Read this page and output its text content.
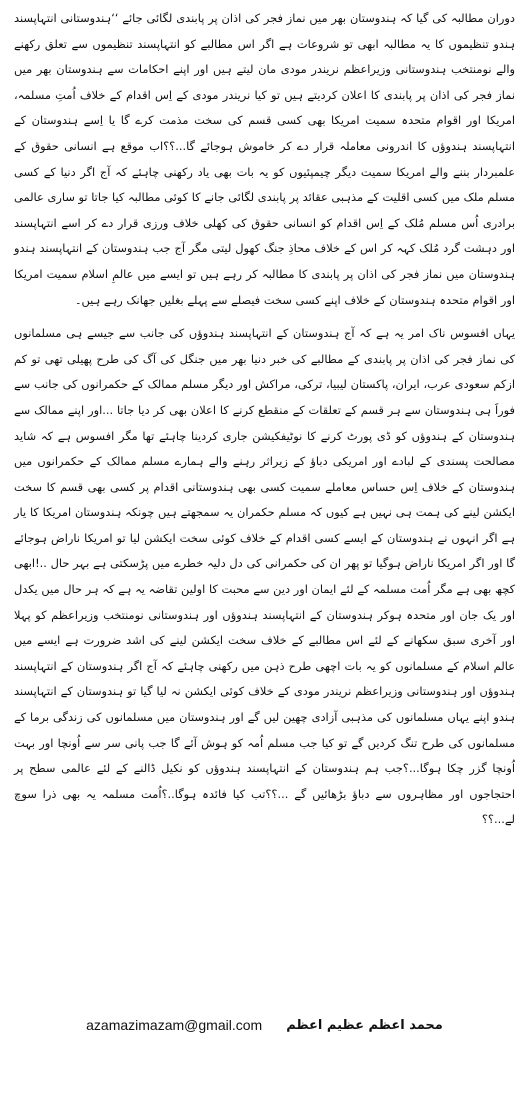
دوران مطالبہ کی گیا کہ ہندوستان بھر میں نماز فجر کی اذان پر پابندی لگائی جائے ‘‘ہندوستانی انتہاپسند ہندو تنظیموں کا یہ مطالبہ ابھی تو شروعات ہے اگر اس مطالبے کو انتہاپسند تنظیموں سے تعلق رکھنے والے نومنتخب ہندوستانی وزیراعظم نریندر مودی مان لیتے ہیں اور اپنے احکامات سے ہندوستان بھر میں نماز فجر کی اذان پر پابندی کا اعلان کردیتے ہیں تو کیا نریندر مودی کے اِس اقدام کے خلاف اُمتِ مسلمہ، امریکا اور اقوام متحدہ سمیت امریکا بھی کسی قسم کی سخت مذمت کرے گا یا اِسے ہندوستان کے انتہاپسند ہندوؤں کا اندرونی معاملہ قرار دے کر خاموش ہوجائے گا...؟؟اب موقع ہے انسانی حقوق کے علمبردار بننے والے امریکا سمیت دیگر چیمپئیوں کو یہ بات بھی یاد رکھنی چاہئے کہ آج اگر دنیا کے کسی مسلم ملک میں کسی اقلیت کے مذہبی عقائد پر پابندی لگائی جانے کا کوئی مطالبہ کیا جاتا تو ساری عالمی برادری اُس مسلم مُلک کے اِس اقدام کو انسانی حقوق کی کھلی خلاف ورزی قرار دے کر اسے انتہاپسند اور دہشت گرد مُلک کہہ کر اس کے خلاف محاذِ جنگ کھول لیتی مگر آج جب ہندوستان کے انتہاپسند ہندو ہندوستان میں نماز فجر کی اذان پر پابندی کا مطالبہ کر رہے ہیں تو ایسے میں عالمِ اسلام سمیت امریکا اور اقوام متحدہ ہندوستان کے خلاف اپنے کسی سخت فیصلے سے پہلے بغلیں جھانک رہے ہیں۔

یہاں افسوس ناک امر یہ ہے کہ آج ہندوستان کے انتہاپسند ہندوؤں کی جانب سے جیسے ہی مسلمانوں کی نماز فجر کی اذان پر پابندی کے مطالبے کی خبر دنیا بھر میں جنگل کی آگ کی طرح پھیلی تھی تو کم ازکم سعودی عرب، ایران، پاکستان لیبیا، ترکی، مراکش اور دیگر مسلم ممالک کے حکمرانوں کی جانب سے فوراََ ہی ہندوستان سے ہر قسم کے تعلقات کے منقطع کرنے کا اعلان بھی کر دیا جاتا ...اور اپنے ممالک سے ہندوستان کے ہندوؤں کو ڈی پورٹ کرنے کا نوٹیفکیشن جاری کردینا چاہئے تھا مگر افسوس ہے کہ شاید مصالحت پسندی کے لبادے اور امریکی دباؤ کے زیراثر رہنے والے ہمارے مسلم ممالک کے حکمرانوں میں ہندوستان کے خلاف اِس حساس معاملے سمیت کسی بھی ہندوستانی اقدام پر کسی بھی قسم کا سخت ایکشن لینے کی ہمت ہی نہیں ہے کیوں کہ مسلم حکمران یہ سمجھتے ہیں چونکہ ہندوستان امریکا کا یار ہے اگر انہوں نے ہندوستان کے ایسے کسی اقدام کے خلاف کوئی سخت ایکشن لیا تو امریکا ناراض ہوجائے گا اور اگر امریکا ناراض ہوگیا تو پھر ان کی حکمرانی کی دل دلیہ خطرے میں پڑسکتی ہے بہر حال ..!ابھی کچھ بھی ہے مگر اُمت مسلمہ کے لئے ایمان اور دین سے محبت کا اولین تقاضہ یہ ہے کہ ہر حال میں یکدل اور یک جان اور متحدہ ہوکر ہندوستان کے انتہاپسند ہندوؤں اور ہندوستانی نومنتخب وزیراعظم کو پہلا اور آخری سبق سکھانے کے لئے اس مطالبے کے خلاف سخت ایکشن لینے کی اشد ضرورت ہے ایسے میں عالم اسلام کے مسلمانوں کو یہ بات اچھی طرح ذہن میں رکھنی چاہئے کہ آج اگر ہندوستان کے انتہاپسند ہندوؤں اور ہندوستانی وزیراعظم نریندر مودی کے خلاف کوئی ایکشن نہ لیا گیا تو ہندوستان کے انتہاپسند ہندو اپنے یہاں مسلمانوں کی مذہبی آزادی چھین لیں گے اور ہندوستان میں مسلمانوں کی زندگی برما کے مسلمانوں کی طرح تنگ کردیں گے تو کیا جب مسلم اُمہ کو ہوش آئے گا جب پانی سر سے اُونچا اور بہت اُونچا گزر چکا ہوگا...؟جب ہم ہندوستان کے انتہاپسند ہندوؤں کو نکیل ڈالنے کے لئے عالمی سطح پر احتجاجوں اور مظاہروں سے دباؤ بڑھائیں گے ...؟؟تب کیا فائدہ ہوگا..؟اُمت مسلمہ یہ بھی ذرا سوچ لے...؟؟

azamazimazam@gmail.com محمد اعظم عظیم اعظم
